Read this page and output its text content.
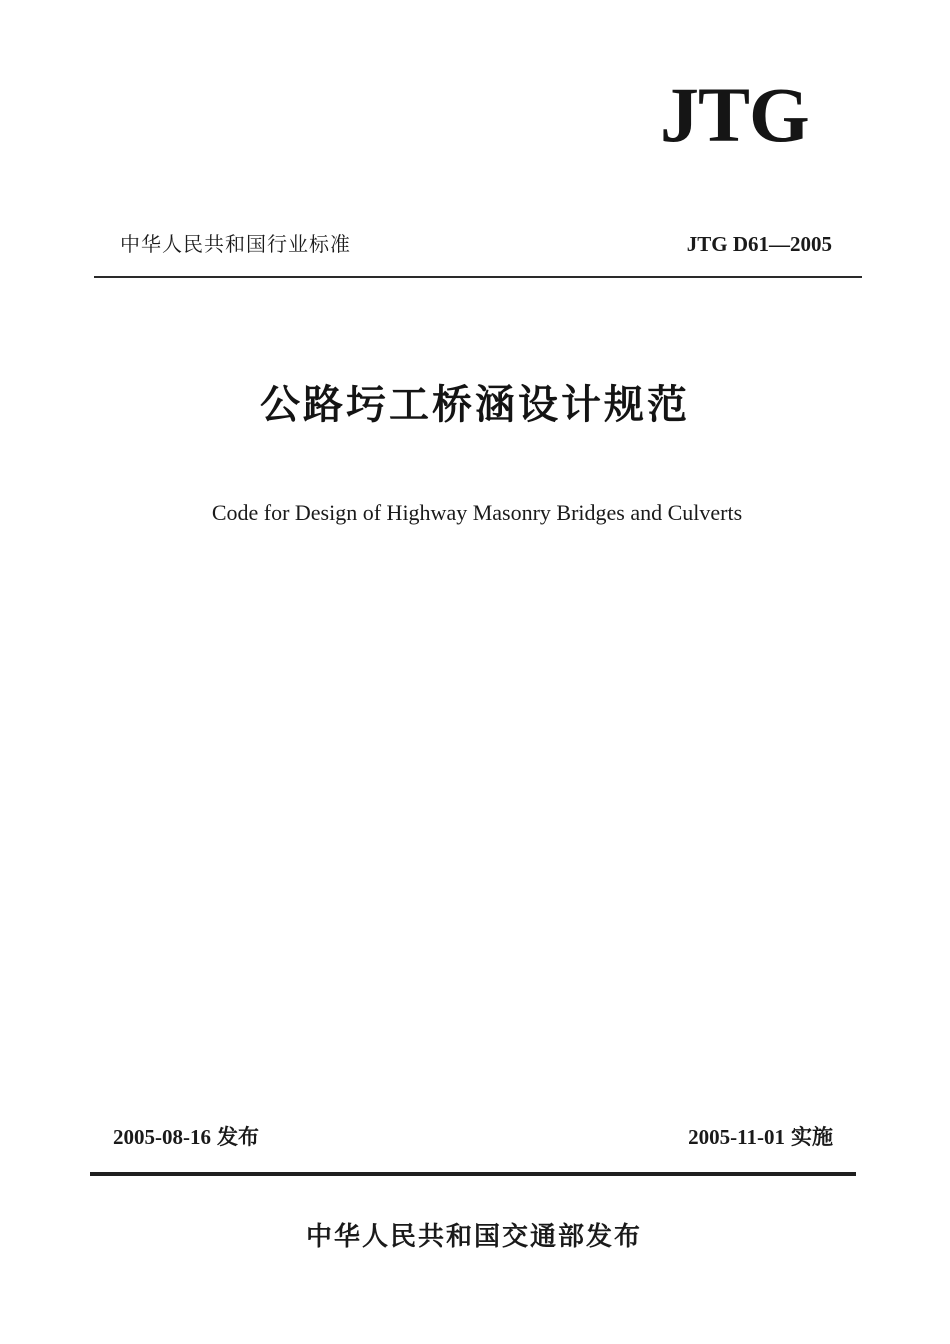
JTG
中华人民共和国行业标准	JTG D61—2005
公路圬工桥涵设计规范
Code for Design of Highway Masonry Bridges and Culverts
2005-08-16 发布	2005-11-01 实施
中华人民共和国交通部发布
